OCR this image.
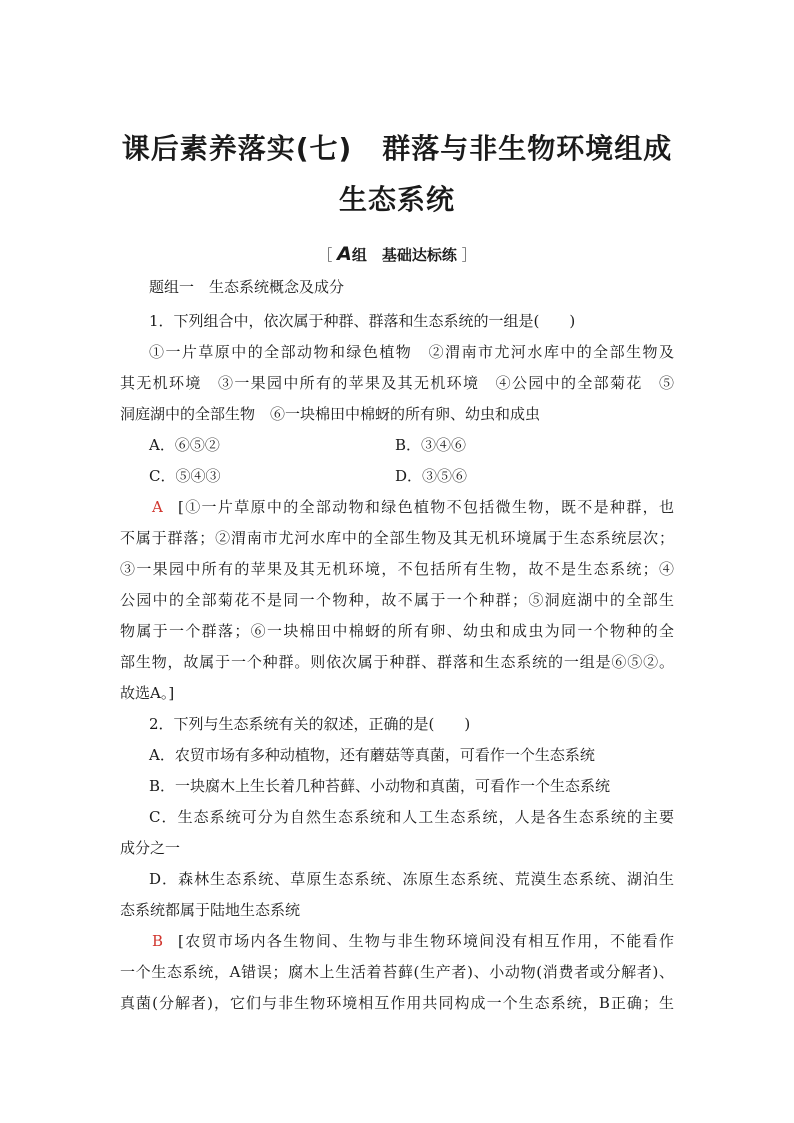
课后素养落实(七) 群落与非生物环境组成
生态系统
［ A组　基础达标练 ］
题组一　生态系统概念及成分
1．下列组合中，依次属于种群、群落和生态系统的一组是(　　)
①一片草原中的全部动物和绿色植物　②渭南市尤河水库中的全部生物及
其无机环境　③一果园中所有的苹果及其无机环境　④公园中的全部菊花　⑤
洞庭湖中的全部生物　⑥一块棉田中棉蚜的所有卵、幼虫和成虫
A．⑥⑤②	B．③④⑥
C．⑤④③	D．③⑤⑥
A [①一片草原中的全部动物和绿色植物不包括微生物，既不是种群，也
不属于群落；②渭南市尤河水库中的全部生物及其无机环境属于生态系统层次；
③一果园中所有的苹果及其无机环境，不包括所有生物，故不是生态系统；④
公园中的全部菊花不是同一个物种，故不属于一个种群；⑤洞庭湖中的全部生
物属于一个群落；⑥一块棉田中棉蚜的所有卵、幼虫和成虫为同一个物种的全
部生物，故属于一个种群。则依次属于种群、群落和生态系统的一组是⑥⑤②。
故选A。]
2．下列与生态系统有关的叙述，正确的是(　　)
A．农贸市场有多种动植物，还有蘑菇等真菌，可看作一个生态系统
B．一块腐木上生长着几种苔藓、小动物和真菌，可看作一个生态系统
C．生态系统可分为自然生态系统和人工生态系统，人是各生态系统的主要
成分之一
D．森林生态系统、草原生态系统、冻原生态系统、荒漠生态系统、湖泊生
态系统都属于陆地生态系统
B [农贸市场内各生物间、生物与非生物环境间没有相互作用，不能看作
一个生态系统，A错误；腐木上生活着苔藓(生产者)、小动物(消费者或分解者)、
真菌(分解者)，它们与非生物环境相互作用共同构成一个生态系统，B正确；生
